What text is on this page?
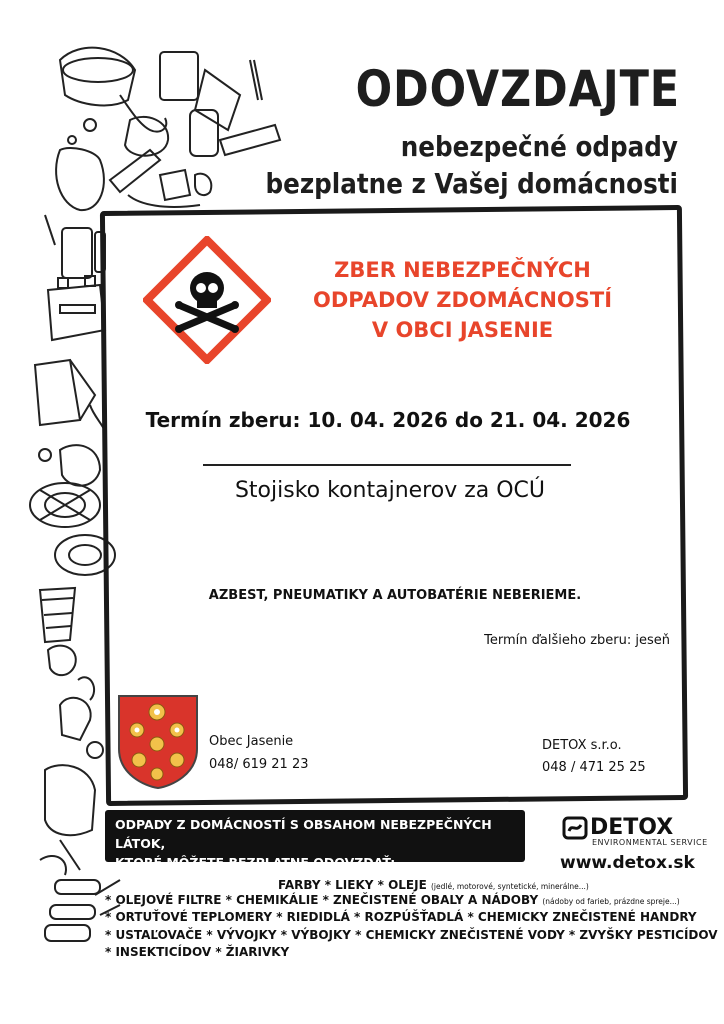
ODOVZDAJTE
nebezpečné odpady
bezplatne z Vašej domácnosti
ZBER NEBEZPEČNÝCH
ODPADOV ZDOMÁCNOSTÍ
V OBCI JASENIE
Termín zberu: 10. 04. 2026 do 21. 04. 2026
Stojisko kontajnerov za OCÚ
AZBEST, PNEUMATIKY A AUTOBATÉRIE NEBERIEME.
Termín ďalšieho zberu: jeseň
Obec Jasenie
048/ 619 21 23
DETOX s.r.o.
048 / 471 25 25
ODPADY Z DOMÁCNOSTÍ S OBSAHOM NEBEZPEČNÝCH LÁTOK,
KTORÉ MÔŽETE BEZPLATNE ODOVZDAŤ:
DETOX
ENVIRONMENTAL SERVICE
www.detox.sk
FARBY * LIEKY * OLEJE (jedlé, motorové, syntetické, minerálne...)
* OLEJOVÉ FILTRE * CHEMIKÁLIE * ZNEČISTENÉ OBALY A NÁDOBY (nádoby od farieb, prázdne spreje...)
* ORTUŤOVÉ TEPLOMERY * RIEDIDLÁ * ROZPÚŠŤADLÁ * CHEMICKY ZNEČISTENÉ HANDRY
* USTAĽOVAČE * VÝVOJKY * VÝBOJKY * CHEMICKY ZNEČISTENÉ VODY * ZVYŠKY PESTICÍDOV
* INSEKTICÍDOV * ŽIARIVKY
